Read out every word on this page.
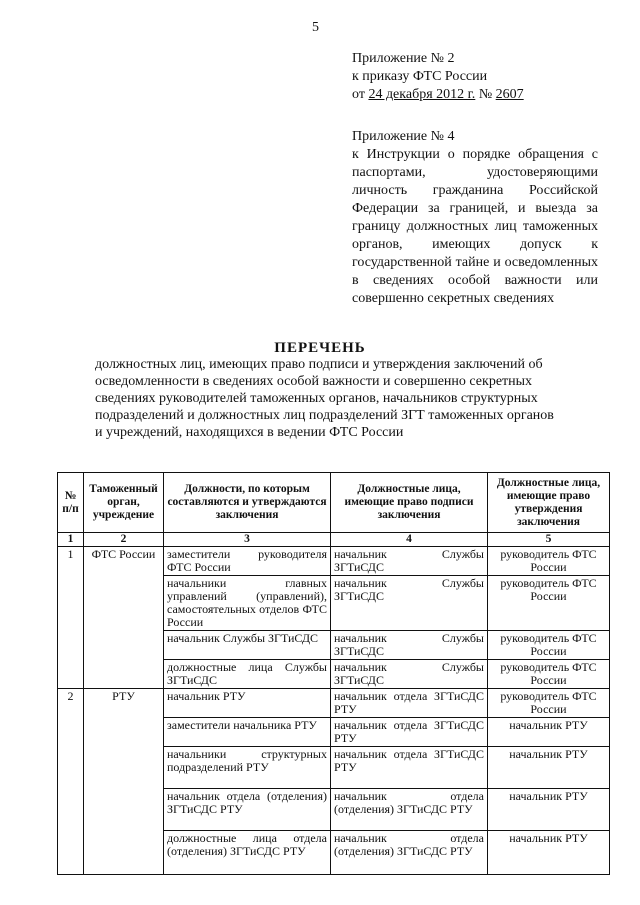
5
Приложение № 2
к приказу ФТС России
от 24 декабря 2012 г. № 2607
Приложение № 4
к Инструкции о порядке обращения с паспортами, удостоверяющими личность гражданина Российской Федерации за границей, и выезда за границу должностных лиц таможенных органов, имеющих допуск к государственной тайне и осведомленных в сведениях особой важности или совершенно секретных сведениях
ПЕРЕЧЕНЬ
должностных лиц, имеющих право подписи и утверждения заключений об осведомленности в сведениях особой важности и совершенно секретных сведениях руководителей таможенных органов, начальников структурных подразделений и должностных лиц подразделений ЗГТ таможенных органов и учреждений, находящихся в ведении ФТС России
№ п/п	Таможенный орган, учреждение	Должности, по которым составляются и утверждаются заключения	Должностные лица, имеющие право подписи заключения	Должностные лица, имеющие право утверждения заключения
1	2	3	4	5
1	ФТС России	заместители руководителя ФТС России	начальник Службы ЗГТиСДС	руководитель ФТС России
		начальники главных управлений (управлений), самостоятельных отделов ФТС России	начальник Службы ЗГТиСДС	руководитель ФТС России
		начальник Службы ЗГТиСДС	начальник Службы ЗГТиСДС	руководитель ФТС России
		должностные лица Службы ЗГТиСДС	начальник Службы ЗГТиСДС	руководитель ФТС России
2	РТУ	начальник РТУ	начальник отдела ЗГТиСДС РТУ	руководитель ФТС России
		заместители начальника РТУ	начальник отдела ЗГТиСДС РТУ	начальник РТУ
		начальники структурных подразделений РТУ	начальник отдела ЗГТиСДС РТУ	начальник РТУ
		начальник отдела (отделения) ЗГТиСДС РТУ	начальник отдела (отделения) ЗГТиСДС РТУ	начальник РТУ
		должностные лица отдела (отделения) ЗГТиСДС РТУ	начальник отдела (отделения) ЗГТиСДС РТУ	начальник РТУ
